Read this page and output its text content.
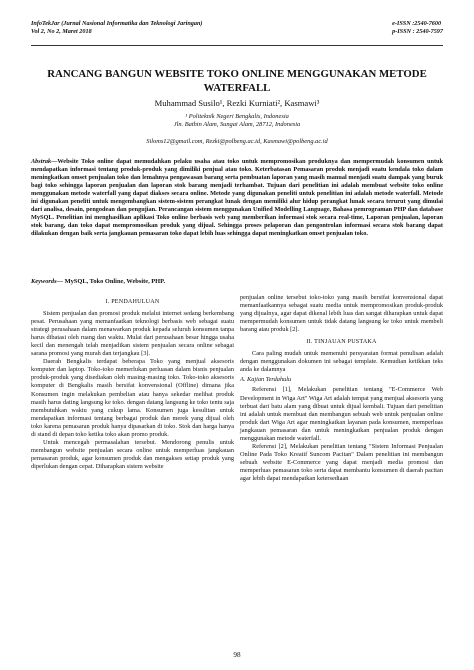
InfoTekJar (Jurnal Nasional Informatika dan Teknologi Jaringan)
Vol 2, No 2, Maret 2018
e-ISSN :2540-7600
p-ISSN : 2540-7597
RANCANG BANGUN WEBSITE TOKO ONLINE MENGGUNAKAN METODE
WATERFALL
Muhammad Susilo¹, Rezki Kurniati², Kasmawi³
¹ Politeknik Negeri Bengkalis, Indonesia
Jln. Bathin Alam, Sungai Alam, 28712, Indonesia
Siloms12@gmail.com, Rezki@polbeng.ac.id, Kasmawi@polbeng.ac.id
Abstrak—Website Toko online dapat memudahkan pelaku usaha atau toko untuk mempromosikan produknya dan mempermudah konsumen untuk mendapatkan informasi tentang produk-produk yang dimiliki penjual atau toko. Keterbatasan Pemasaran produk menjadi suatu kendala toko dalam meningkatkan omset penjualan toko dan lemahnya pengawasan barang serta pembuatan laporan yang masih manual menjadi suatu dampak yang buruk bagi toko sehingga laporan penjualan dan laporan stok barang menjadi terhambat. Tujuan dari penelitian ini adalah membuat website toko online menggunakan metode waterfall yang dapat diakses secara online. Metode yang digunakan peneliti untuk penelitian ini adalah metode waterfall. Metode ini digunakan peneliti untuk mengembangkan sistem-sistem perangkat lunak dengan memiliki alur hidup perangkat lunak secara terurut yang dimulai dari analisa, desain, pengodean dan pengujian. Perancangan sistem menggunakan Unified Modelling Language, Bahasa pemrograman PHP dan database MySQL. Penelitian ini menghasilkan aplikasi Toko online berbasis web yang memberikan informasi stok secara real-time, Laporan penjualan, laporan stok barang, dan toko dapat mempromosikan produk yang dijual. Sehingga proses pelaporan dan pengontrolan informasi secara stok barang dapat dilakukan dengan baik serta jangkauan pemasaran toko dapat lebih luas sehingga dapat meningkatkan omset penjualan toko.
Keywords— MySQL, Toko Online, Website, PHP.
I. PENDAHULUAN

Sistem penjualan dan promosi produk melalui internet sedang berkembang pesat. Perusahaan yang memanfaatkan teknologi berbasis web sebagai suatu strategi perusahaan dalam menawarkan produk kepada seluruh konsumen tanpa harus dibatasi oleh ruang dan waktu. Mulai dari perusahaan besar hingga usaha kecil dan menengah telah menjadikan sistem penjualan secara online sebagai sarana promosi yang murah dan terjangkau [3].

Daerah Bengkalis terdapat beberapa Toko yang menjual aksesoris komputer dan laptop. Toko-toko memerlukan perluasan dalam bisnis penjualan produk-produk yang disediakan oleh masing-masing toko. Toko-toko aksesoris komputer di Bengkalis masih bersifat konvensional (Offline) dimana jika Konsumen ingin melakukan pembelian atau hanya sekedar melihat produk masih harus dating langsung ke toko. dengan datang langsung ke toko tentu saja membutuhkan waktu yang cukup lama. Konsumen juga kesulitan untuk mendapatkan informasi tentang berbagai produk dan merek yang dijual oleh toko karena pemasaran produk hanya dipasarkan di toko. Stok dan harga hanya di stand di depan toko ketika toko akan promo produk.

Untuk mencegah permasalahan tersebut. Mendorong penulis untuk membangun website penjualan secara online untuk memperluas jangkauan pemasaran produk, agar konsumen produk dan mengakses setiap produk yang diperlukan dengan cepat. Diharapkan sistem website

penjualan online tersebut toko-toko yang masih bersifat konvensional dapat memanfaatkannya sebagai suatu media untuk mempromosikan produk-produk yang dijualnya, agar dapat dikenal lebih luas dan sangat diharapkan untuk dapat mempermudah konsumen untuk tidak datang langsung ke toko untuk membeli barang atau produk [2].

II. TINJAUAN PUSTAKA

Cara paling mudah untuk memenuhi persyaratan format penulisan adalah dengan menggunakan dokumen ini sebagai template. Kemudian ketikkan teks anda ke dalamnya

A. Kajian Terdahulu

Referensi [1], Melakukan penelitian tentang "E-Commerce Web Development in Wiga Art" Wiga Art adalah tempat yang menjual aksesoris yang terbuat dari batu alam yang dibuat untuk dijual kembali. Tujuan dari penelitian ini adalah untuk membuat dan membangun sebuah web untuk penjualan online produk dari Wiga Art agar meningkatkan layanan pada konsumen, memperluas jangkauan pemasaran dan untuk meningkatkan penjualan produk dengan menggunakan metode waterfall.

Referensi [2], Melakukan penelitian tentang "Sistem Informasi Penjualan Online Pada Toko Kreatif Suncom Pacitan" Dalam penelitian ini membangun sebuah website E-Commerce yang dapat menjadi media promosi dan memperluas pemasaran toko serta dapat membantu konsumen di daerah pacitan agar lebih dapat mendapatkan ketersediaan

98
